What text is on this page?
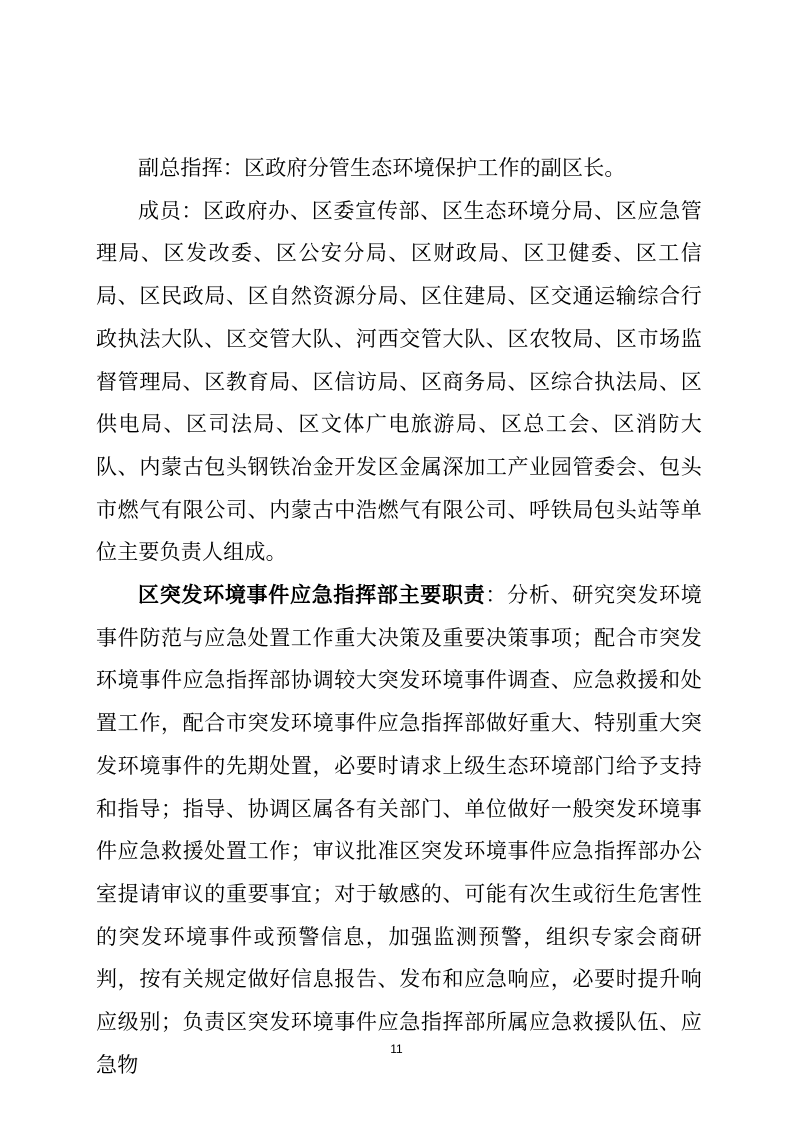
副总指挥：区政府分管生态环境保护工作的副区长。

成员：区政府办、区委宣传部、区生态环境分局、区应急管理局、区发改委、区公安分局、区财政局、区卫健委、区工信局、区民政局、区自然资源分局、区住建局、区交通运输综合行政执法大队、区交管大队、河西交管大队、区农牧局、区市场监督管理局、区教育局、区信访局、区商务局、区综合执法局、区供电局、区司法局、区文体广电旅游局、区总工会、区消防大队、内蒙古包头钢铁冶金开发区金属深加工产业园管委会、包头市燃气有限公司、内蒙古中浩燃气有限公司、呼铁局包头站等单位主要负责人组成。

区突发环境事件应急指挥部主要职责：分析、研究突发环境事件防范与应急处置工作重大决策及重要决策事项；配合市突发环境事件应急指挥部协调较大突发环境事件调查、应急救援和处置工作，配合市突发环境事件应急指挥部做好重大、特别重大突发环境事件的先期处置，必要时请求上级生态环境部门给予支持和指导；指导、协调区属各有关部门、单位做好一般突发环境事件应急救援处置工作；审议批准区突发环境事件应急指挥部办公室提请审议的重要事宜；对于敏感的、可能有次生或衍生危害性的突发环境事件或预警信息，加强监测预警，组织专家会商研判，按有关规定做好信息报告、发布和应急响应，必要时提升响应级别；负责区突发环境事件应急指挥部所属应急救援队伍、应急物

11
